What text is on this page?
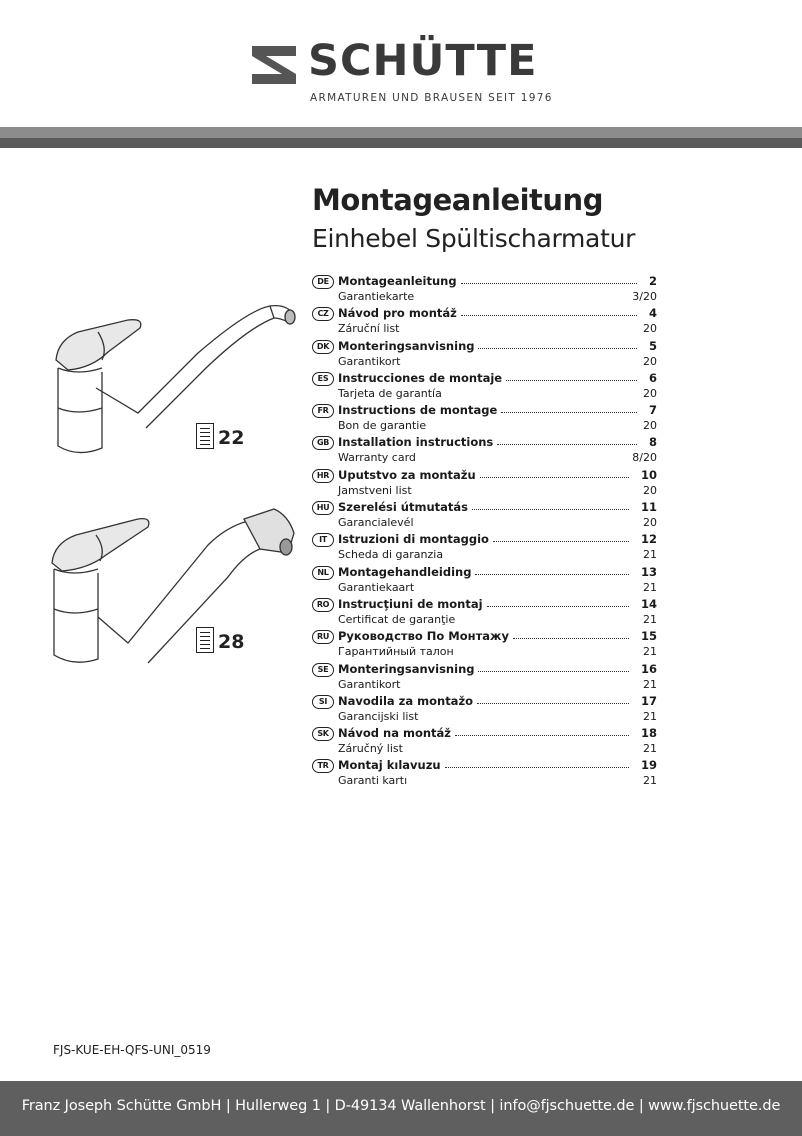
SCHÜTTE
ARMATUREN UND BRAUSEN SEIT 1976
Montageanleitung
Einhebel Spültischarmatur
22
28
DE Montageanleitung	2
Garantiekarte	3/20
CZ Návod pro montáž	4
Záruční list	20
DK Monteringsanvisning	5
Garantikort	20
ES Instrucciones de montaje	6
Tarjeta de garantía	20
FR Instructions de montage	7
Bon de garantie	20
GB Installation instructions	8
Warranty card	8/20
HR Uputstvo za montažu	10
Jamstveni list	20
HU Szerelési útmutatás	11
Garancialevél	20
IT Istruzioni di montaggio	12
Scheda di garanzia	21
NL Montagehandleiding	13
Garantiekaart	21
RO Instrucţiuni de montaj	14
Certificat de garanţie	21
RU Руководство По Монтажу	15
Гарантийный талон	21
SE Monteringsanvisning	16
Garantikort	21
SI Navodila za montažo	17
Garancijski list	21
SK Návod na montáž	18
Záručný list	21
TR Montaj kılavuzu	19
Garanti kartı	21
FJS-KUE-EH-QFS-UNI_0519
Franz Joseph Schütte GmbH | Hullerweg 1 | D-49134 Wallenhorst | info@fjschuette.de | www.fjschuette.de
